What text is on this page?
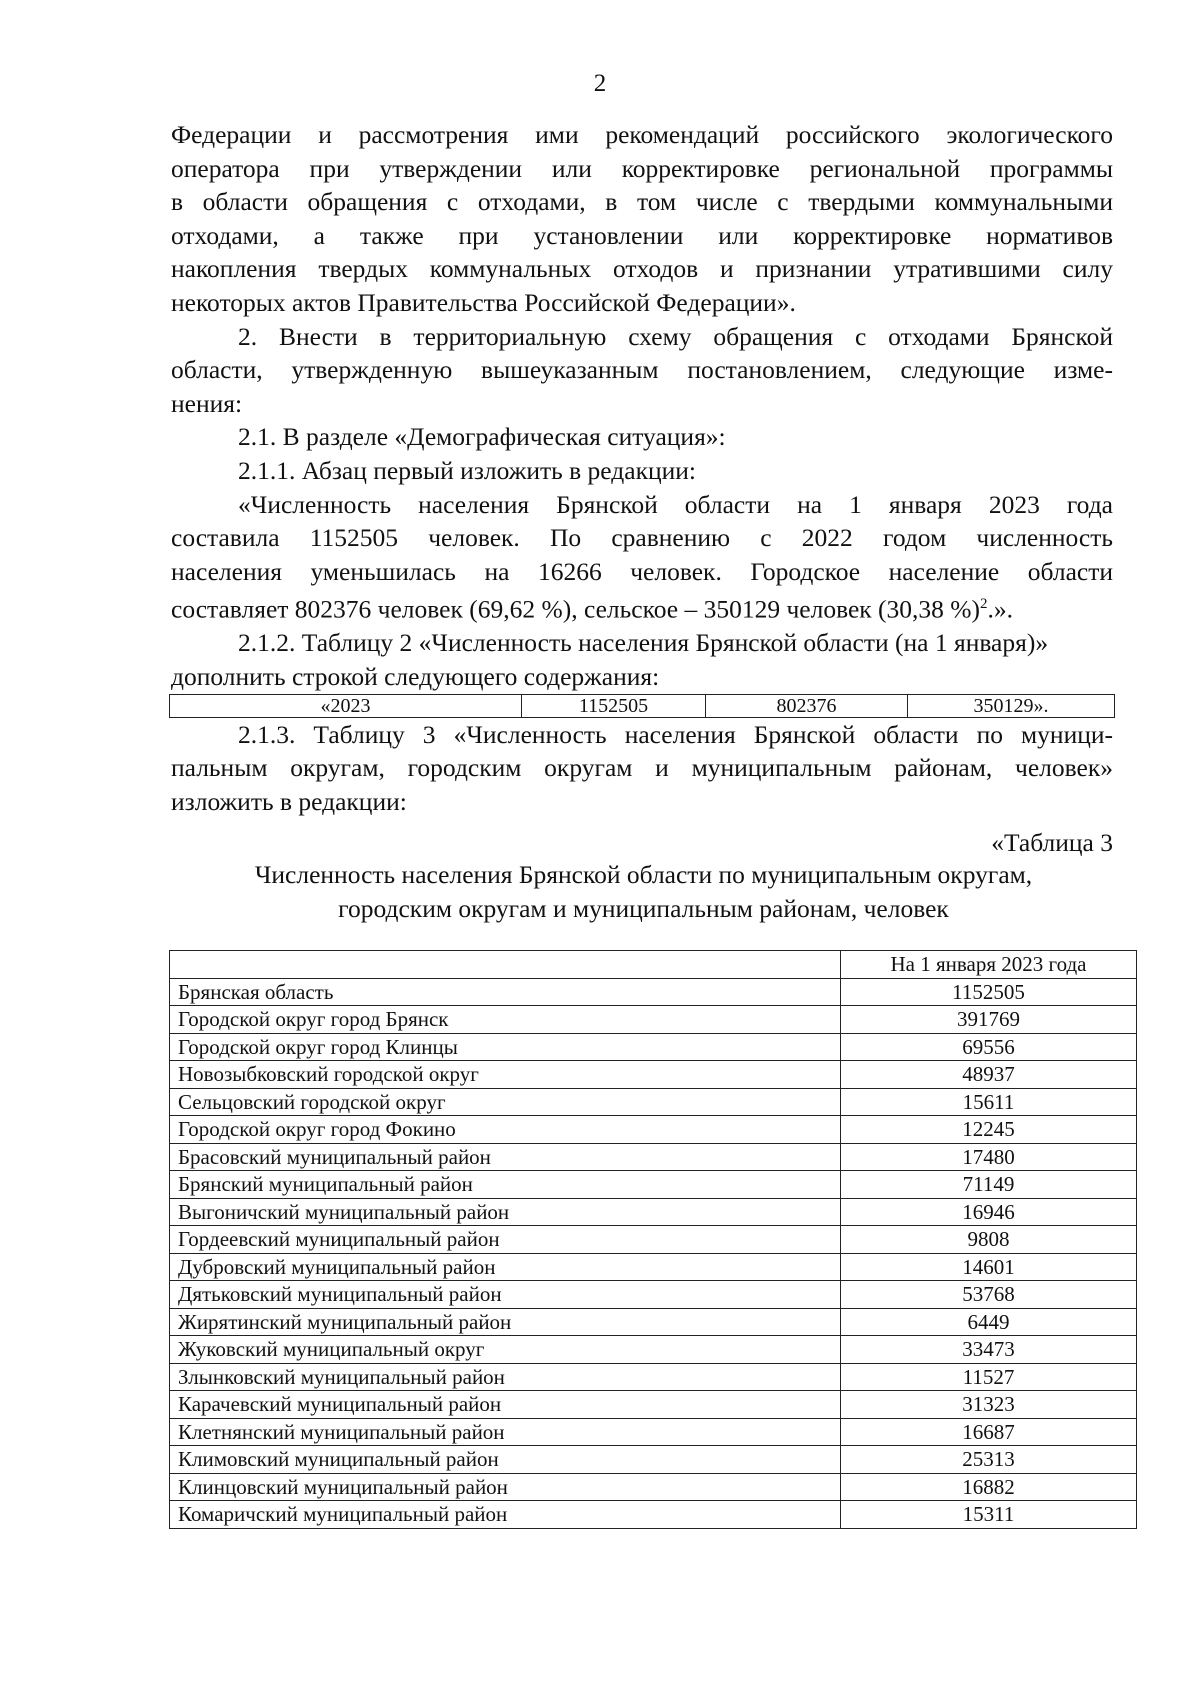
2

Федерации и рассмотрения ими рекомендаций российского экологического

оператора при утверждении или корректировке региональной программы

в области обращения с отходами, в том числе с твердыми коммунальными

отходами, а также при установлении или корректировке нормативов

накопления твердых коммунальных отходов и признании утратившими силу

некоторых актов Правительства Российской Федерации».

2. Внести в территориальную схему обращения с отходами Брянской

области, утвержденную вышеуказанным постановлением, следующие изме-

нения:

2.1. В разделе «Демографическая ситуация»:

2.1.1. Абзац первый изложить в редакции:

«Численность населения Брянской области на 1 января 2023 года

составила 1152505 человек. По сравнению с 2022 годом численность

населения уменьшилась на 16266 человек. Городское население области

составляет 802376 человек (69,62 %), сельское – 350129 человек (30,38 %)$^2$.».

2.1.2. Таблицу 2 «Численность населения Брянской области (на 1 января)»

дополнить строкой следующего содержания:

«2023	1152505	802376	350129».

2.1.3. Таблицу 3 «Численность населения Брянской области по муници-

пальным округам, городским округам и муниципальным районам, человек»

изложить в редакции:

«Таблица 3

Численность населения Брянской области по муниципальным округам,
городским округам и муниципальным районам, человек
	На 1 января 2023 года
Брянская область	1152505
Городской округ город Брянск	391769
Городской округ город Клинцы	69556
Новозыбковский городской округ	48937
Сельцовский городской округ	15611
Городской округ город Фокино	12245
Брасовский муниципальный район	17480
Брянский муниципальный район	71149
Выгоничский муниципальный район	16946
Гордеевский муниципальный район	9808
Дубровский муниципальный район	14601
Дятьковский муниципальный район	53768
Жирятинский муниципальный район	6449
Жуковский муниципальный округ	33473
Злынковский муниципальный район	11527
Карачевский муниципальный район	31323
Клетнянский муниципальный район	16687
Климовский муниципальный район	25313
Клинцовский муниципальный район	16882
Комаричский муниципальный район	15311
